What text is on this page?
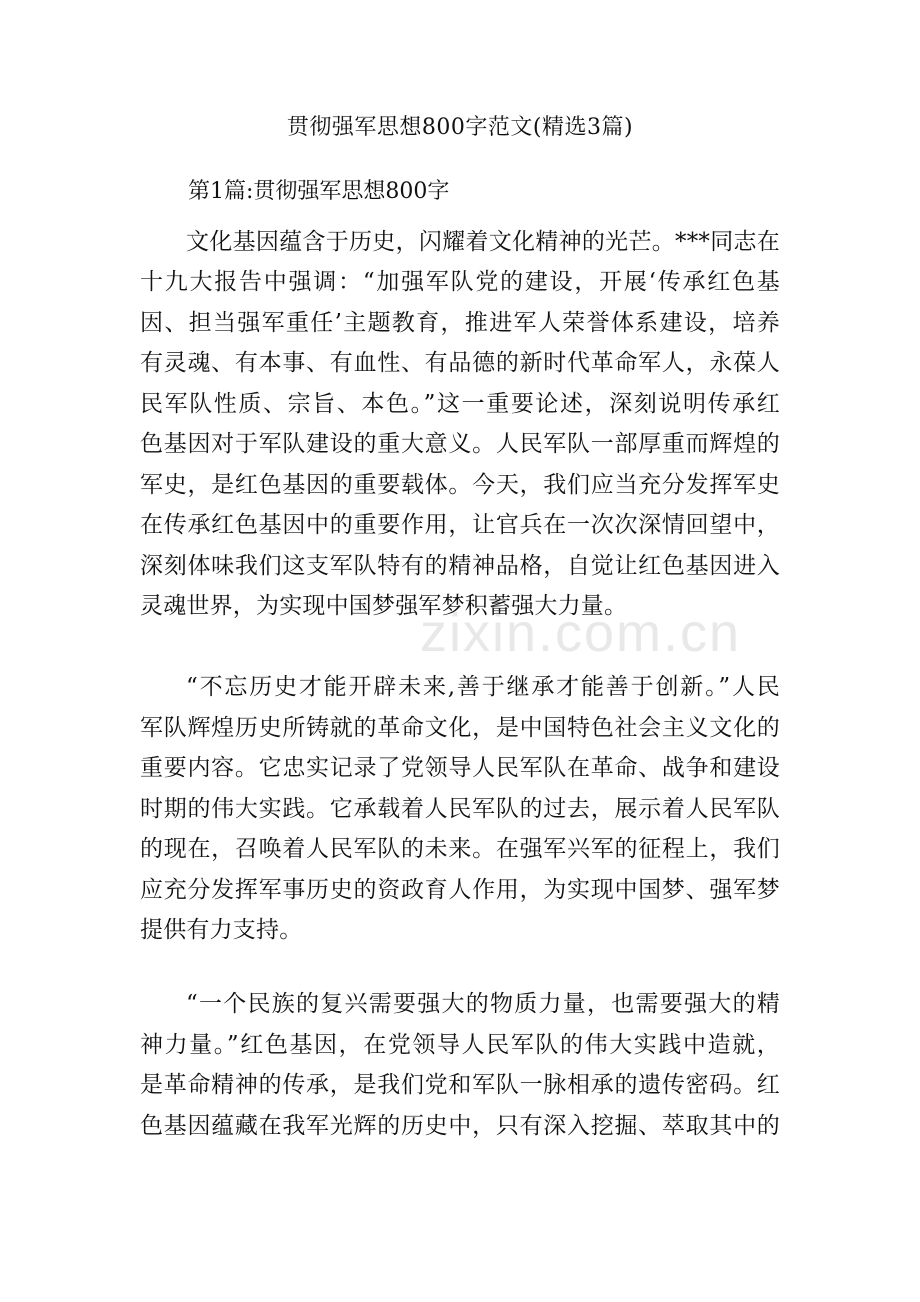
贯彻强军思想800字范文(精选3篇)
第1篇:贯彻强军思想800字
文化基因蕴含于历史，闪耀着文化精神的光芒。***同志在
十九大报告中强调：“加强军队党的建设，开展‘传承红色基
因、担当强军重任’主题教育，推进军人荣誉体系建设，培养
有灵魂、有本事、有血性、有品德的新时代革命军人，永葆人
民军队性质、宗旨、本色。”这一重要论述，深刻说明传承红
色基因对于军队建设的重大意义。人民军队一部厚重而辉煌的
军史，是红色基因的重要载体。今天，我们应当充分发挥军史
在传承红色基因中的重要作用，让官兵在一次次深情回望中，
深刻体味我们这支军队特有的精神品格，自觉让红色基因进入
灵魂世界，为实现中国梦强军梦积蓄强大力量。
“不忘历史才能开辟未来,善于继承才能善于创新。”人民
军队辉煌历史所铸就的革命文化，是中国特色社会主义文化的
重要内容。它忠实记录了党领导人民军队在革命、战争和建设
时期的伟大实践。它承载着人民军队的过去，展示着人民军队
的现在，召唤着人民军队的未来。在强军兴军的征程上，我们
应充分发挥军事历史的资政育人作用，为实现中国梦、强军梦
提供有力支持。
“一个民族的复兴需要强大的物质力量，也需要强大的精
神力量。”红色基因，在党领导人民军队的伟大实践中造就，
是革命精神的传承，是我们党和军队一脉相承的遗传密码。红
色基因蕴藏在我军光辉的历史中，只有深入挖掘、萃取其中的
zixin.com.cn
